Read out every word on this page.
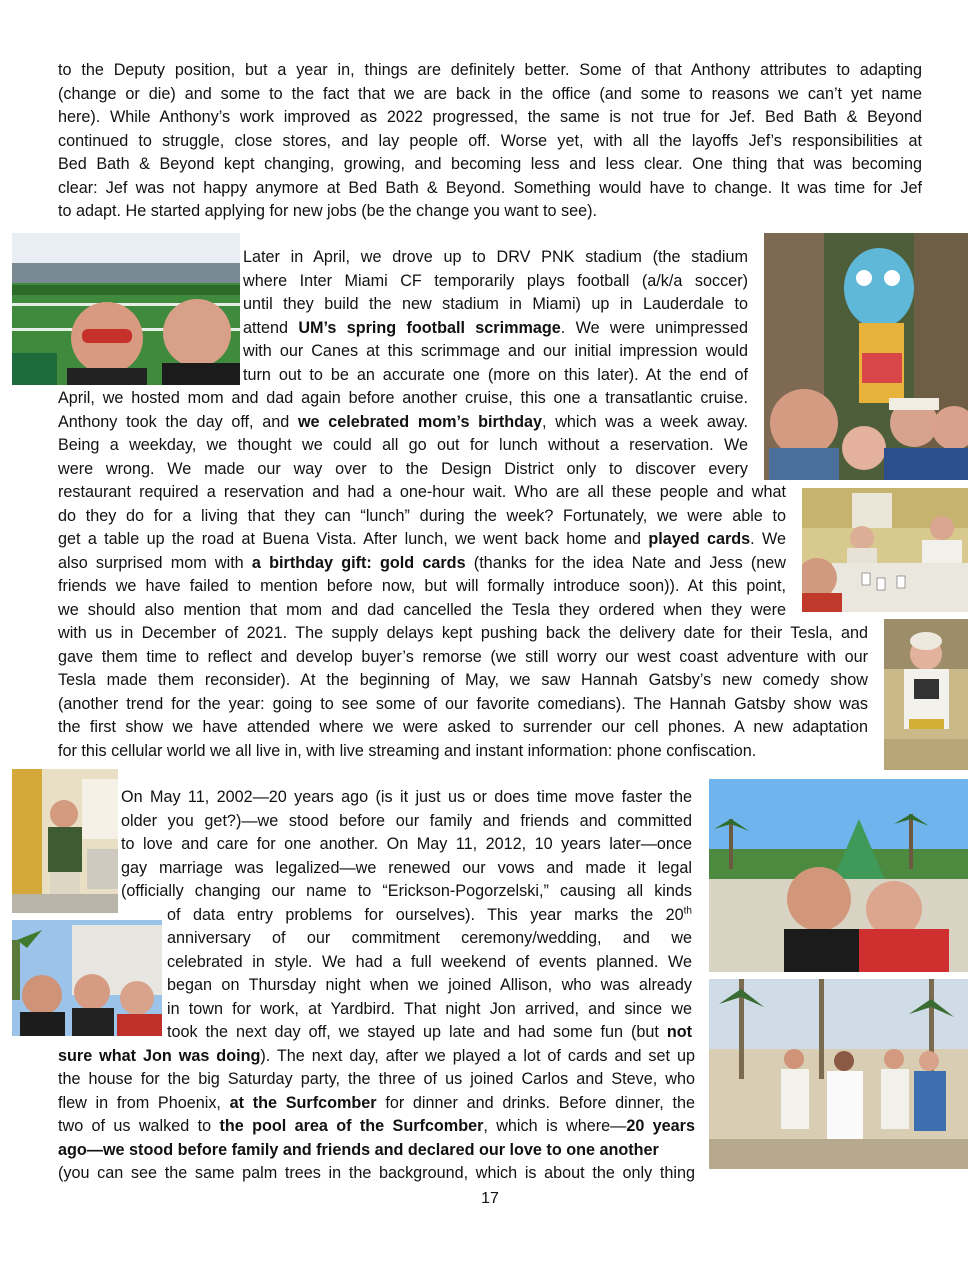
to the Deputy position, but a year in, things are definitely better. Some of that Anthony attributes to adapting
(change or die) and some to the fact that we are back in the office (and some to reasons we can’t yet name
here). While Anthony’s work improved as 2022 progressed, the same is not true for Jef. Bed Bath & Beyond
continued to struggle, close stores, and lay people off. Worse yet, with all the layoffs Jef’s responsibilities at
Bed Bath & Beyond kept changing, growing, and becoming less and less clear. One thing that was becoming
clear: Jef was not happy anymore at Bed Bath & Beyond. Something would have to change. It was time for Jef
to adapt. He started applying for new jobs (be the change you want to see).
Later in April, we drove up to DRV PNK stadium (the stadium
where Inter Miami CF temporarily plays football (a/k/a soccer)
until they build the new stadium in Miami) up in Lauderdale to
attend UM’s spring football scrimmage. We were unimpressed
with our Canes at this scrimmage and our initial impression would
turn out to be an accurate one (more on this later). At the end of
April, we hosted mom and dad again before another cruise, this one a transatlantic cruise.
Anthony took the day off, and we celebrated mom’s birthday, which was a week away.
Being a weekday, we thought we could all go out for lunch without a reservation. We
were wrong. We made our way over to the Design District only to discover every
restaurant required a reservation and had a one-hour wait. Who are all these people and what
do they do for a living that they can “lunch” during the week? Fortunately, we were able to
get a table up the road at Buena Vista. After lunch, we went back home and played cards. We
also surprised mom with a birthday gift: gold cards (thanks for the idea Nate and Jess (new
friends we have failed to mention before now, but will formally introduce soon)). At this point,
we should also mention that mom and dad cancelled the Tesla they ordered when they were
with us in December of 2021. The supply delays kept pushing back the delivery date for their Tesla, and
gave them time to reflect and develop buyer’s remorse (we still worry our west coast adventure with our
Tesla made them reconsider). At the beginning of May, we saw Hannah Gatsby’s new comedy show
(another trend for the year: going to see some of our favorite comedians). The Hannah Gatsby show was
the first show we have attended where we were asked to surrender our cell phones. A new adaptation
for this cellular world we all live in, with live streaming and instant information: phone confiscation.
On May 11, 2002—20 years ago (is it just us or does time move faster the
older you get?)—we stood before our family and friends and committed
to love and care for one another. On May 11, 2012, 10 years later—once
gay marriage was legalized—we renewed our vows and made it legal
(officially changing our name to “Erickson-Pogorzelski,” causing all kinds
of data entry problems for ourselves). This year marks the 20th
anniversary of our commitment ceremony/wedding, and we
celebrated in style. We had a full weekend of events planned. We
began on Thursday night when we joined Allison, who was already
in town for work, at Yardbird. That night Jon arrived, and since we
took the next day off, we stayed up late and had some fun (but not
sure what Jon was doing). The next day, after we played a lot of cards and set up
the house for the big Saturday party, the three of us joined Carlos and Steve, who
flew in from Phoenix, at the Surfcomber for dinner and drinks. Before dinner, the
two of us walked to the pool area of the Surfcomber, which is where—20 years
ago—we stood before family and friends and declared our love to one another
(you can see the same palm trees in the background, which is about the only thing
17
